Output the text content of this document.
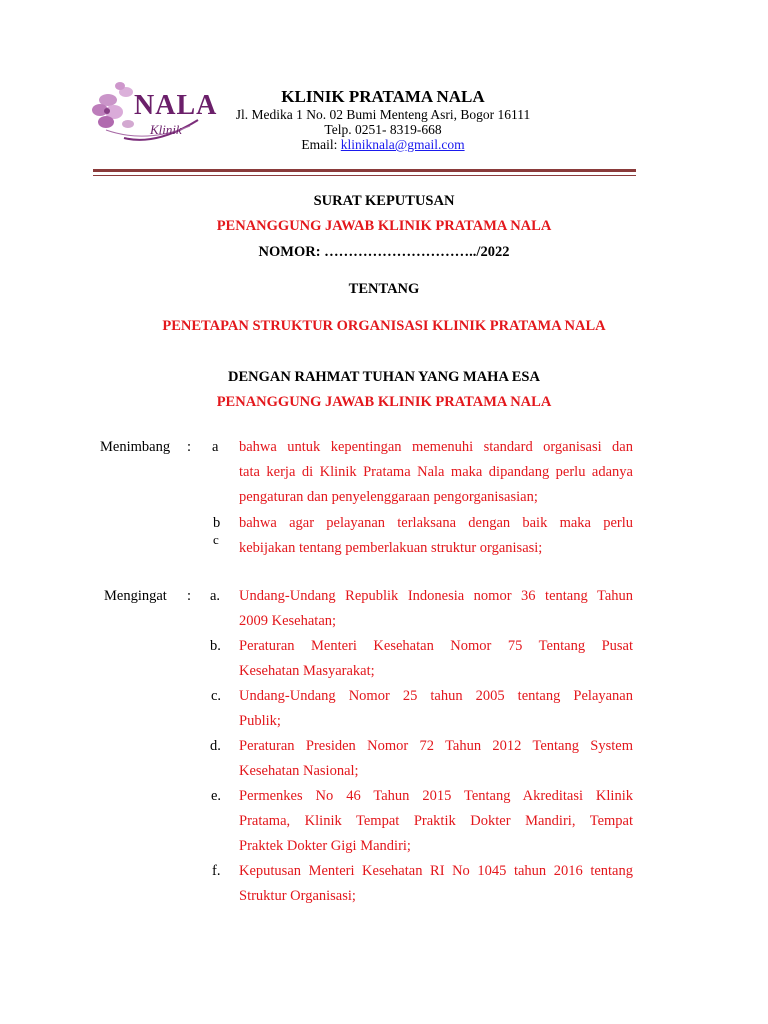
NALA
Klinik
KLINIK PRATAMA NALA
Jl. Medika 1 No. 02 Bumi Menteng Asri, Bogor 16111
Telp. 0251- 8319-668
Email: kliniknala@gmail.com
SURAT KEPUTUSAN
PENANGGUNG JAWAB KLINIK PRATAMA NALA
NOMOR: …………………………../2022
TENTANG
PENETAPAN STRUKTUR ORGANISASI KLINIK PRATAMA NALA
DENGAN RAHMAT TUHAN YANG MAHA ESA
PENANGGUNG JAWAB KLINIK PRATAMA NALA
Menimbang : a bahwa untuk kepentingan memenuhi standard organisasi dan
tata kerja di Klinik Pratama Nala maka dipandang perlu adanya
pengaturan dan penyelenggaraan pengorganisasian;
b
c
bahwa agar pelayanan terlaksana dengan baik maka perlu
kebijakan tentang pemberlakuan struktur organisasi;
Mengingat : a. Undang-Undang Republik Indonesia nomor 36 tentang Tahun
2009 Kesehatan;
b. Peraturan Menteri Kesehatan Nomor 75 Tentang Pusat
Kesehatan Masyarakat;
c. Undang-Undang Nomor 25 tahun 2005 tentang Pelayanan
Publik;
d. Peraturan Presiden Nomor 72 Tahun 2012 Tentang System
Kesehatan Nasional;
e. Permenkes No 46 Tahun 2015 Tentang Akreditasi Klinik
Pratama, Klinik Tempat Praktik Dokter Mandiri, Tempat
Praktek Dokter Gigi Mandiri;
f. Keputusan Menteri Kesehatan RI No 1045 tahun 2016 tentang
Struktur Organisasi;
